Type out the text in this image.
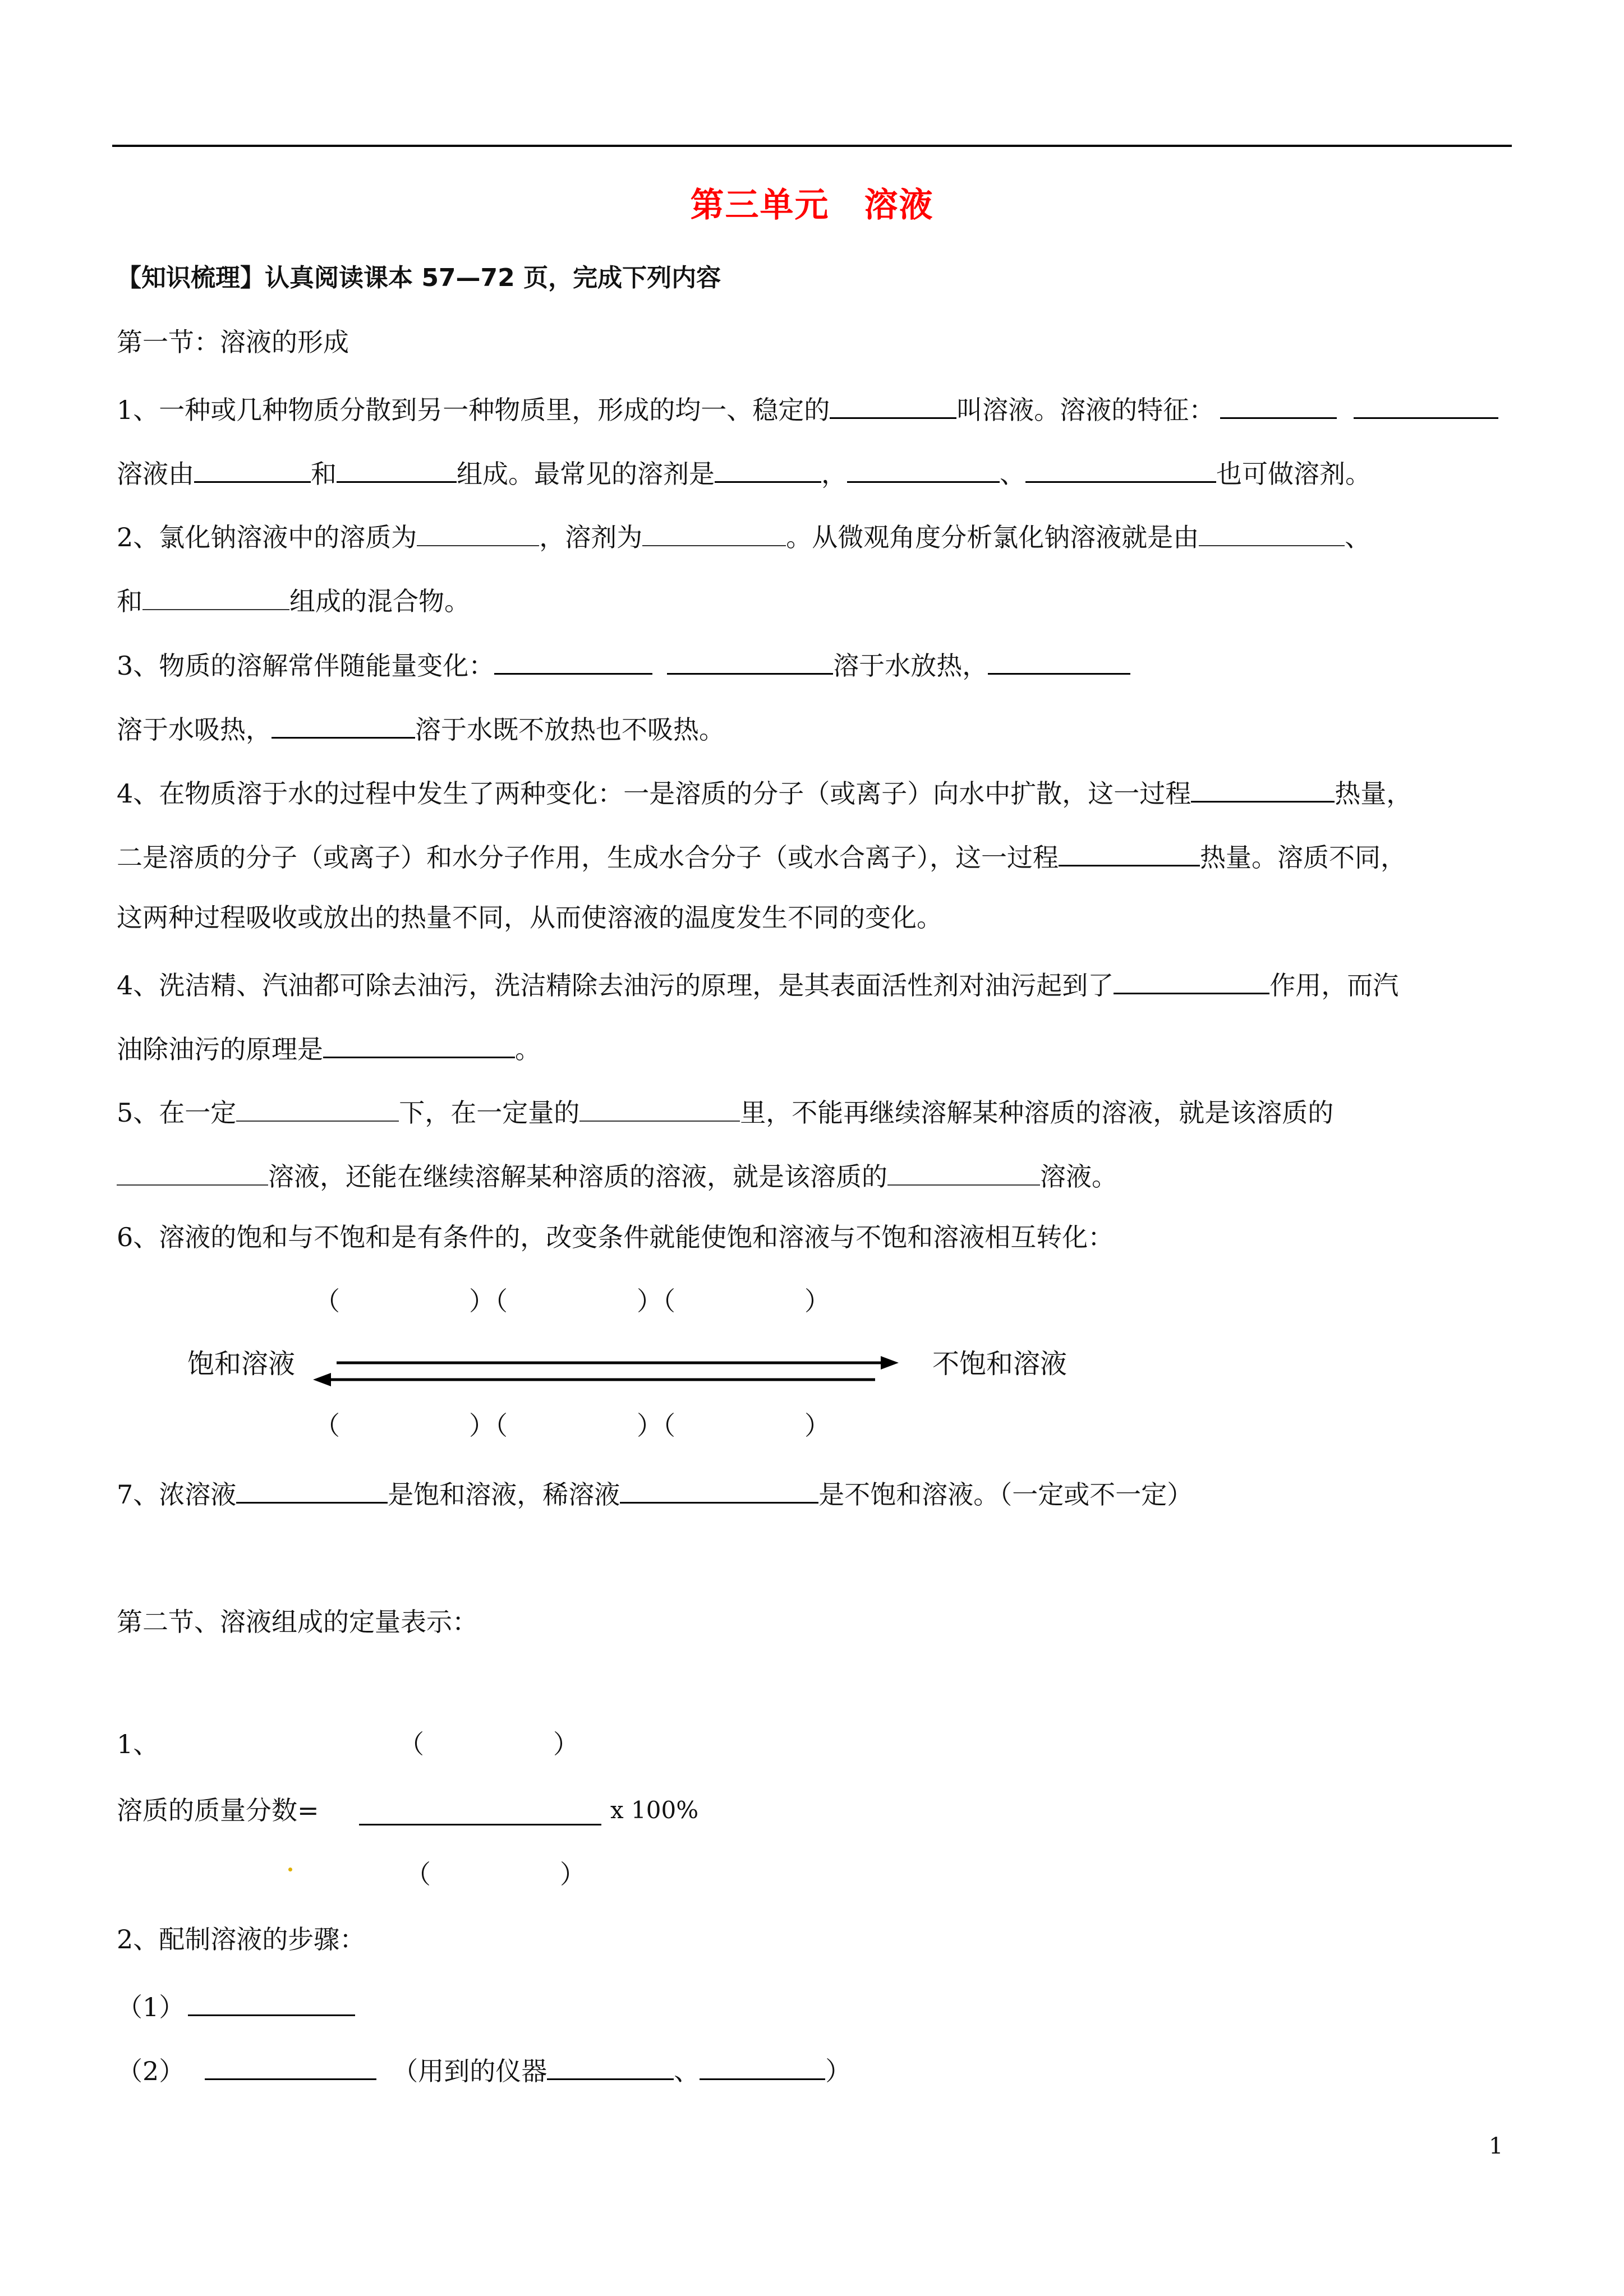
第三单元　溶液
【知识梳理】认真阅读课本 57—72 页，完成下列内容
第一节：溶液的形成
1、一种或几种物质分散到另一种物质里，形成的均一、稳定的	叫溶液。溶液的特征：
溶液由	和	组成。最常见的溶剂是	，	、	也可做溶剂。
2、氯化钠溶液中的溶质为	，溶剂为	。从微观角度分析氯化钠溶液就是由	、
和	组成的混合物。
3、物质的溶解常伴随能量变化：	溶于水放热，
溶于水吸热，	溶于水既不放热也不吸热。
4、在物质溶于水的过程中发生了两种变化：一是溶质的分子（或离子）向水中扩散，这一过程	热量，
二是溶质的分子（或离子）和水分子作用，生成水合分子（或水合离子），这一过程	热量。溶质不同，
这两种过程吸收或放出的热量不同，从而使溶液的温度发生不同的变化。
4、洗洁精、汽油都可除去油污，洗洁精除去油污的原理，是其表面活性剂对油污起到了	作用，而汽
油除油污的原理是	。
5、在一定	下，在一定量的	里，不能再继续溶解某种溶质的溶液，就是该溶质的
溶液，还能在继续溶解某种溶质的溶液，就是该溶质的	溶液。
6、溶液的饱和与不饱和是有条件的，改变条件就能使饱和溶液与不饱和溶液相互转化：
（　　　　　）（　　　　　）（　　　　　）
饱和溶液	不饱和溶液
（　　　　　）（　　　　　）（　　　　　）
7、浓溶液	是饱和溶液，稀溶液	是不饱和溶液。（一定或不一定）
第二节、溶液组成的定量表示：
1、	（　　　　　）
溶质的质量分数=	x 100%
（　　　　　）
2、配制溶液的步骤：
（1）
（2）	（用到的仪器	、	）
1
